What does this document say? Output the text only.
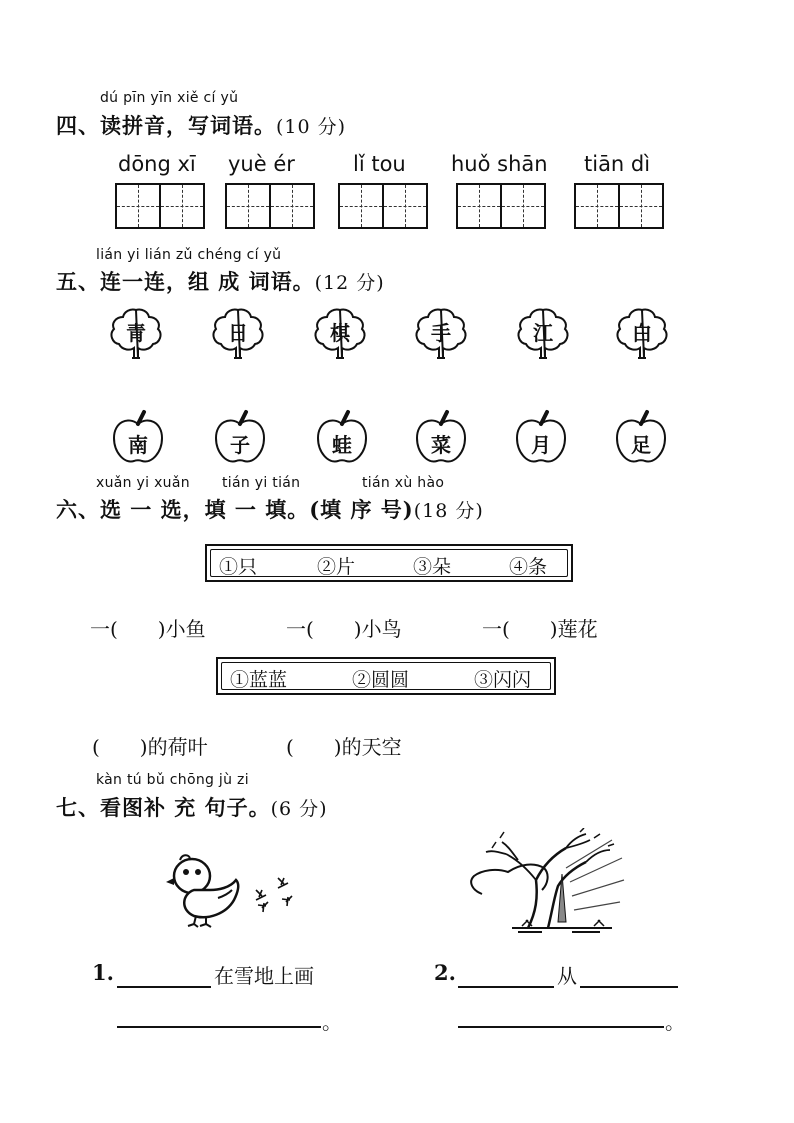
dú pīn yīn xiě cí yǔ
四、读拼音，写词语。(10 分)
dōng xī yuè ér	lǐ tou huǒ shān tiān dì
lián yi lián zǔ chéng cí yǔ
五、连一连，组 成 词语。(12 分)
青	日	棋	手	江	白
南	子	蛙	菜	月	足
xuǎn yi xuǎn tián yi tián	tián xù hào
六、选 一 选，填 一 填。(填 序 号)(18 分)
①只	②片	③朵	④条
一(　　)小鱼	一(　　)小鸟	一(　　)莲花
①蓝蓝	②圆圆	③闪闪
(　　)的荷叶	(　　)的天空
kàn tú bǔ chōng jù zi
七、看图补 充 句子。(6 分)
1.	在雪地上画
。
2.	从
。
